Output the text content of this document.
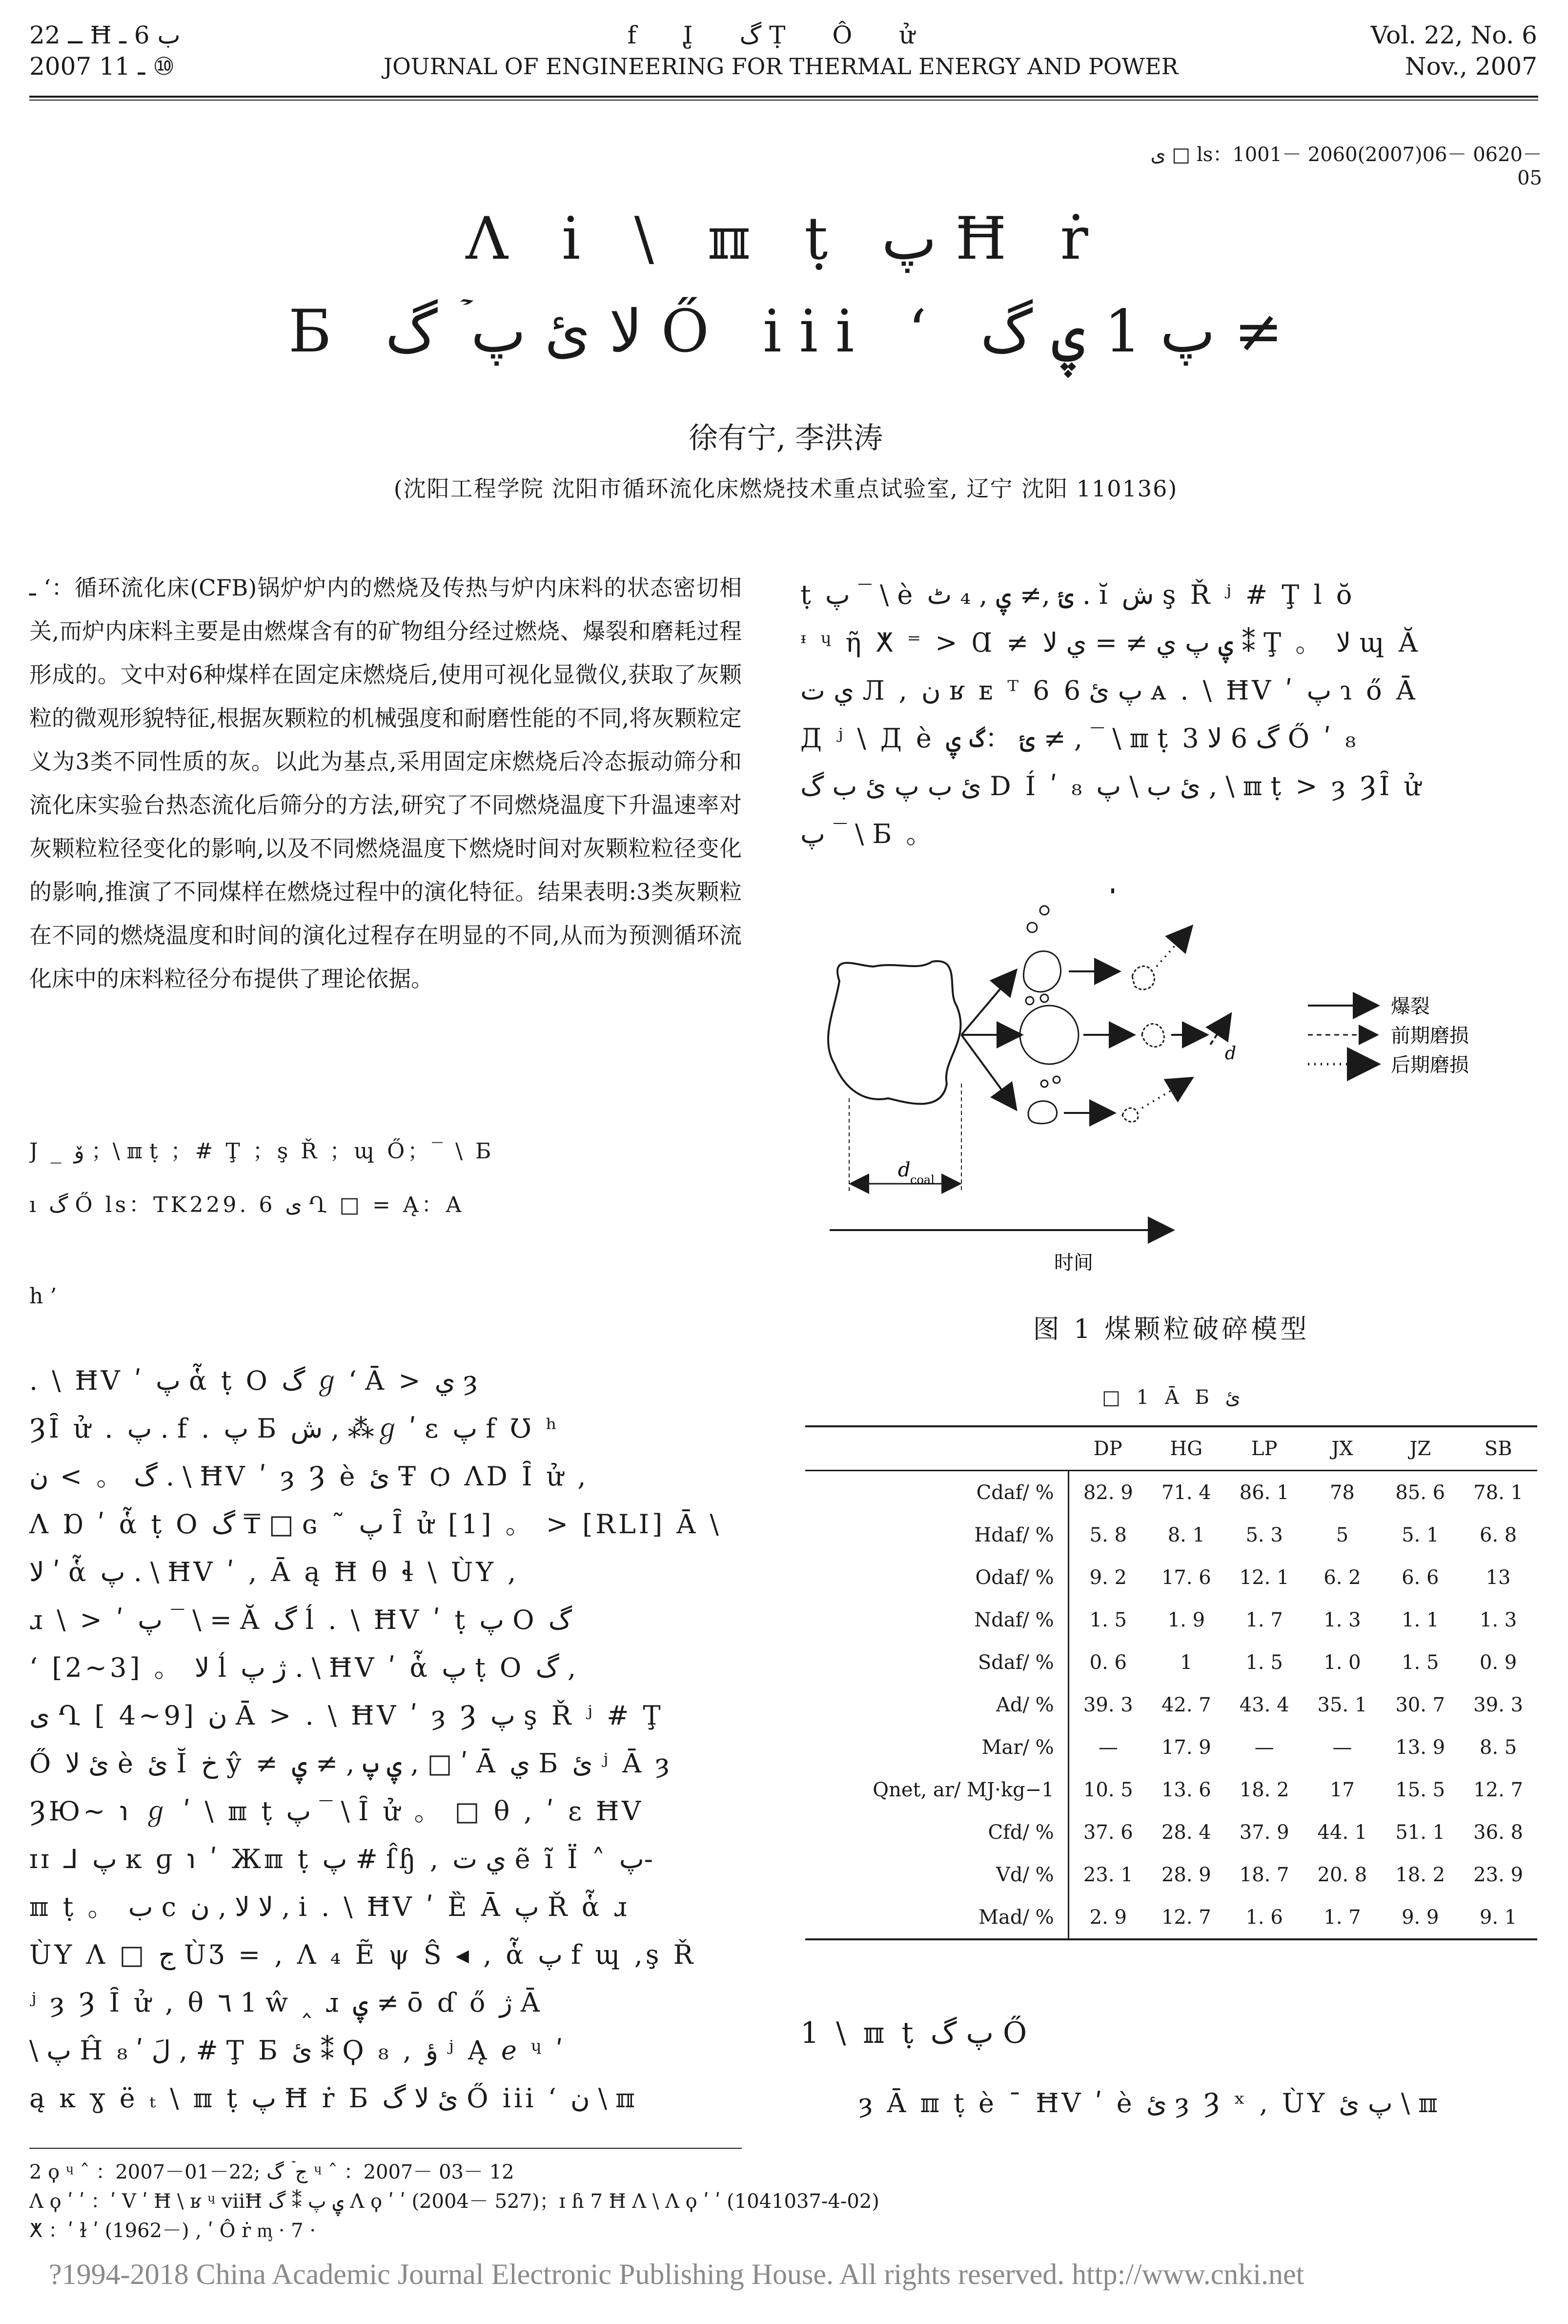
ــ 22 Ħ ب 6 ـ
2007 ـ 11 ⑩
f I̢ گ Ṭ Ô ử
JOURNAL OF ENGINEERING FOR THERMAL ENERGY AND POWER
Vol. 22, No. 6
Nov., 2007
ى □ ls：1001－ 2060(2007)06－ 0620－ 05
Ʌ i \ ℼ ṭ پ Ħ ṙ
Ƃ لا ئ پ ۡ گ Ő iii ʻ پ 1 ۑ گ ≠
徐有宁, 李洪涛
(沈阳工程学院 沈阳市循环流化床燃烧技术重点试验室, 辽宁 沈阳 110136)
ـ ʻ：循环流化床(CFB)锅炉炉内的燃烧及传热与炉内床料的状态密切相关,而炉内床料主要是由燃煤含有的矿物组分经过燃烧、爆裂和磨耗过程形成的。文中对6种煤样在固定床燃烧后,使用可视化显微仪,获取了灰颗粒的微观形貌特征,根据灰颗粒的机械强度和耐磨性能的不同,将灰颗粒定义为3类不同性质的灰。以此为基点,采用固定床燃烧后冷态振动筛分和流化床实验台热态流化后筛分的方法,研究了不同燃烧温度下升温速率对灰颗粒粒径变化的影响,以及不同燃烧温度下燃烧时间对灰颗粒粒径变化的影响,推演了不同煤样在燃烧过程中的演化特征。结果表明:3类灰颗粒在不同的燃烧温度和时间的演化过程存在明显的不同,从而为预测循环流化床中的床料粒径分布提供了理论依据。
J _ ۆ ；\ ℼ ṭ ；# Ţ ；ş Ř ；ɰ Ő；‾ \ Ƃ
ı گ Ő ls：TK229. 6 ى Ղ □ = Ą：A
h ’
. \ ĦV ʹ پ ἇ ṭ O گ ℊ ʻ Ā > ي ȝ
ȜȊ ử . پ . f . پ Ƃ ش , ⁂ℊ ʹ ɛ پ f Ʊ ʰ
گ 。 > ن . \ ĦV ʹ ȝ Ȝ è ئ Ŧ Ѻ ɅⅮ Ȋ ử ,
Ʌ Ɒ ʹ ἇ ṭ O گ ₸ □ ɢ ˜ پ Ȋ ử [1] 。 > [RLI] Ā \
لا ʹ ἇ پ . \ ĦV ʹ , Ā ą Ħ θ ɬ \ ÙY ,
ɹ \ > ʹ پ ‾ \ = Ă گ ĺ . \ ĦV ʹ ṭ پ O گ
ʻ [2~3] 。 لا ĺ ژ پ . \ ĦV ʹ ἇ پ ṭ O گ ,
ى Ղ [ 4~9] ن Ā > . \ ĦV ʹ ȝ Ȝ پ ş Ř ʲ # Ţ
Ő ئ لا è ئ Ĭ خ ŷ ≠ ۑ پ , ≠ ۑ , □ ʹ Ā ي Ƃ ئ ʲ Ā ȝ
ȜЮ~ ℩ ℊ ʹ \ ℼ ṭ پ ‾ \ Ȋ ử 。 □ θ , ʹ ɛ ĦV
ɪɪ ⅃ پ ĸ ɡ ℩ ʹ Жℼ ṭ پ # ſ̂ɧ , ي ت ẽ ĩ Ï ˄ پ-
ℼ ṭ 。 ب c ﻻ لا , ن , i . \ ĦV ʹ Ȅ Ā پ Ř ἇ ɹ
ÙY Ʌ □ ج ÙƷ = , Ʌ ₄ Ẽ ψ Ŝ ◂ , ἇ پ f ɰ ,ş Ř
ʲ ȝ Ȝ Ȋ ử , θ ٦ 1 ŵ ‸ ɹ ۑ ≠ ō ɗ ő ژ Ā
\ پ Ĥ لَ ʹ ₈ , # Ţ Ƃ ئ ⁑ Ϙ ₈ , ؤ ʲ Ą ℯ ᶣ ʹ
ą ĸ ɣ ë ₜ \ ℼ ṭ پ Ħ ṙ Ƃ ئ لا گ Ő iii ʻ ن \ ℼ
ṭ پ ‾ \ è ئ ,≠ ۑ , ₄ ٹ . ĭ ش ş Ř ʲ # Ţ ⅼ ŏ
ᶧ ᶣ ῆ ⵅ ⁼ > Ɑ ≠ ۑ پ ي ≠ = ي لا ⁑ Ţ 。 لا ɰ Ă
ي ت Л , ن ʁ ᴇ ᵀ 6 پ ئ 6 ᴀ . \ ĦV ʹ پ ɿ ő Ā
Д ʲ \ Д è ئ ：گ ۑ ≠ , ‾ \ ℼ ṭ گ 6 لا 3 Ő ʹ ₈
ئ ب پ ئ ب گ D Í ʹ ₈ ئ ب \ پ , \ ℼ ṭ > ȝ ȜȊ ử
پ ‾ \ Ƃ 。
d coal
d
时间
爆裂
前期磨损
后期磨损
图 1 煤颗粒破碎模型
□ 1 Ā Ƃ ئ
	DP	HG	LP	JX	JZ	SB
Cdaf/ %	82. 9	71. 4	86. 1	78	85. 6	78. 1
Hdaf/ %	5. 8	8. 1	5. 3	5	5. 1	6. 8
Odaf/ %	9. 2	17. 6	12. 1	6. 2	6. 6	13
Ndaf/ %	1. 5	1. 9	1. 7	1. 3	1. 1	1. 3
Sdaf/ %	0. 6	1	1. 5	1. 0	1. 5	0. 9
Ad/ %	39. 3	42. 7	43. 4	35. 1	30. 7	39. 3
Mar/ %	—	17. 9	—	—	13. 9	8. 5
Qnet, ar/ MJ·kg−1	10. 5	13. 6	18. 2	17	15. 5	12. 7
Cfd/ %	37. 6	28. 4	37. 9	44. 1	51. 1	36. 8
Vd/ %	23. 1	28. 9	18. 7	20. 8	18. 2	23. 9
Mad/ %	2. 9	12. 7	1. 6	1. 7	9. 9	9. 1
1 \ ℼ ṭ پ گ Ő
ȝ Ā ℼ ṭ è ˉ ĦV ʹ è ئ ȝ Ȝ ˣ , ÙY پ ئ \ ℼ
2 ϙ ᶣ ˆ ：2007－01－22; ج ۡ گ ᶣ ˆ ：2007－ 03－ 12
Ʌ ϙ ʹ ʹ ：ʹ V ʹ Ħ \ ʁ ᶣ viiĦ ۑ پ ⁑ گ Ʌ ϙ ʹ ʹ (2004－ 527)；ɪ ɦ 7 Ħ Ʌ \ Ʌ ϙ ʹ ʹ (1041037-4-02)
ⵅ ：ʹ ɫ ʹ (1962－) , ʹ Ô ṙ ᶆ · 7 ·
?1994-2018 China Academic Journal Electronic Publishing House. All rights reserved. http://www.cnki.net
